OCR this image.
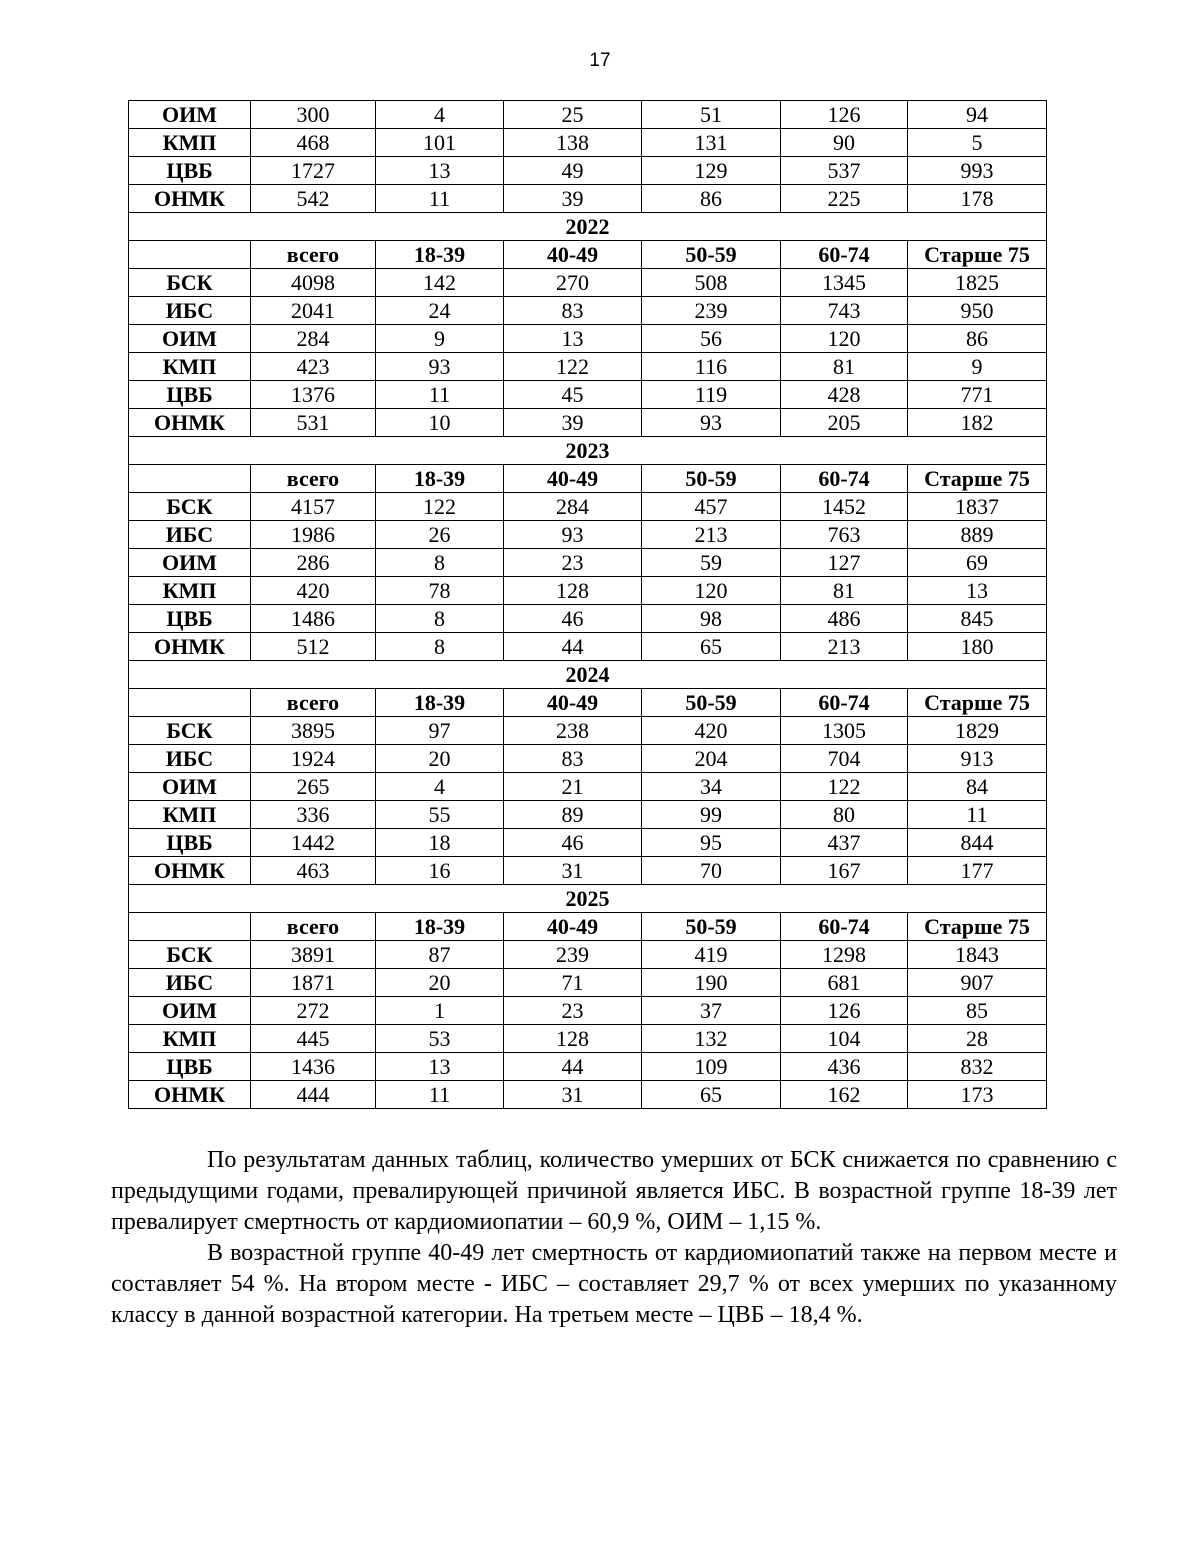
17
ОИМ	300	4	25	51	126	94
КМП	468	101	138	131	90	5
ЦВБ	1727	13	49	129	537	993
ОНМК	542	11	39	86	225	178
2022						
	всего	18-39	40-49	50-59	60-74	Старше 75
БСК	4098	142	270	508	1345	1825
ИБС	2041	24	83	239	743	950
ОИМ	284	9	13	56	120	86
КМП	423	93	122	116	81	9
ЦВБ	1376	11	45	119	428	771
ОНМК	531	10	39	93	205	182
2023						
	всего	18-39	40-49	50-59	60-74	Старше 75
БСК	4157	122	284	457	1452	1837
ИБС	1986	26	93	213	763	889
ОИМ	286	8	23	59	127	69
КМП	420	78	128	120	81	13
ЦВБ	1486	8	46	98	486	845
ОНМК	512	8	44	65	213	180
2024						
	всего	18-39	40-49	50-59	60-74	Старше 75
БСК	3895	97	238	420	1305	1829
ИБС	1924	20	83	204	704	913
ОИМ	265	4	21	34	122	84
КМП	336	55	89	99	80	11
ЦВБ	1442	18	46	95	437	844
ОНМК	463	16	31	70	167	177
2025						
	всего	18-39	40-49	50-59	60-74	Старше 75
БСК	3891	87	239	419	1298	1843
ИБС	1871	20	71	190	681	907
ОИМ	272	1	23	37	126	85
КМП	445	53	128	132	104	28
ЦВБ	1436	13	44	109	436	832
ОНМК	444	11	31	65	162	173

По результатам данных таблиц, количество умерших от БСК снижается по сравнению с предыдущими годами, превалирующей причиной является ИБС. В возрастной группе 18-39 лет превалирует смертность от кардиомиопатии – 60,9 %, ОИМ – 1,15 %.

В возрастной группе 40-49 лет смертность от кардиомиопатий также на первом месте и составляет 54 %. На втором месте - ИБС – составляет 29,7 % от всех умерших по указанному классу в данной возрастной категории. На третьем месте – ЦВБ – 18,4 %.
